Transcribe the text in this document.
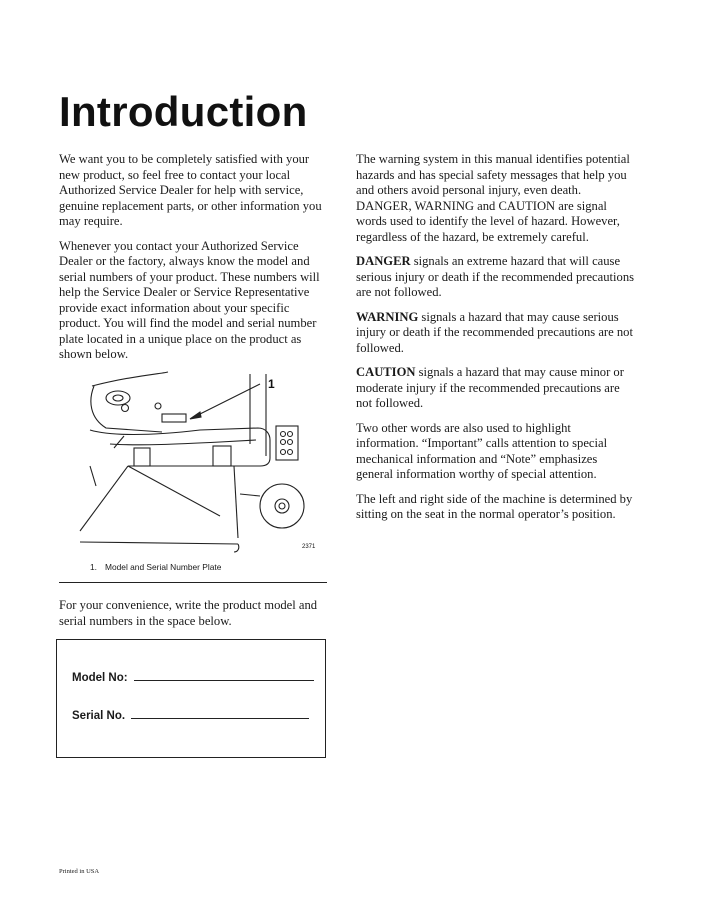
Introduction

We want you to be completely satisfied with your new product, so feel free to contact your local Authorized Service Dealer for help with service, genuine replacement parts, or other information you may require.

Whenever you contact your Authorized Service Dealer or the factory, always know the model and serial numbers of your product. These numbers will help the Service Dealer or Service Representative provide exact information about your specific product. You will find the model and serial number plate located in a unique place on the product as shown below.

1
2371
1. Model and Serial Number Plate
For your convenience, write the product model and serial numbers in the space below.
Model No:
Serial No.

The warning system in this manual identifies potential hazards and has special safety messages that help you and others avoid personal injury, even death. DANGER, WARNING and CAUTION are signal words used to identify the level of hazard. However, regardless of the hazard, be extremely careful.

DANGER signals an extreme hazard that will cause serious injury or death if the recommended precautions are not followed.

WARNING signals a hazard that may cause serious injury or death if the recommended precautions are not followed.

CAUTION signals a hazard that may cause minor or moderate injury if the recommended precautions are not followed.

Two other words are also used to highlight information. “Important” calls attention to special mechanical information and “Note” emphasizes general information worthy of special attention.

The left and right side of the machine is determined by sitting on the seat in the normal operator’s position.

Printed in USA
